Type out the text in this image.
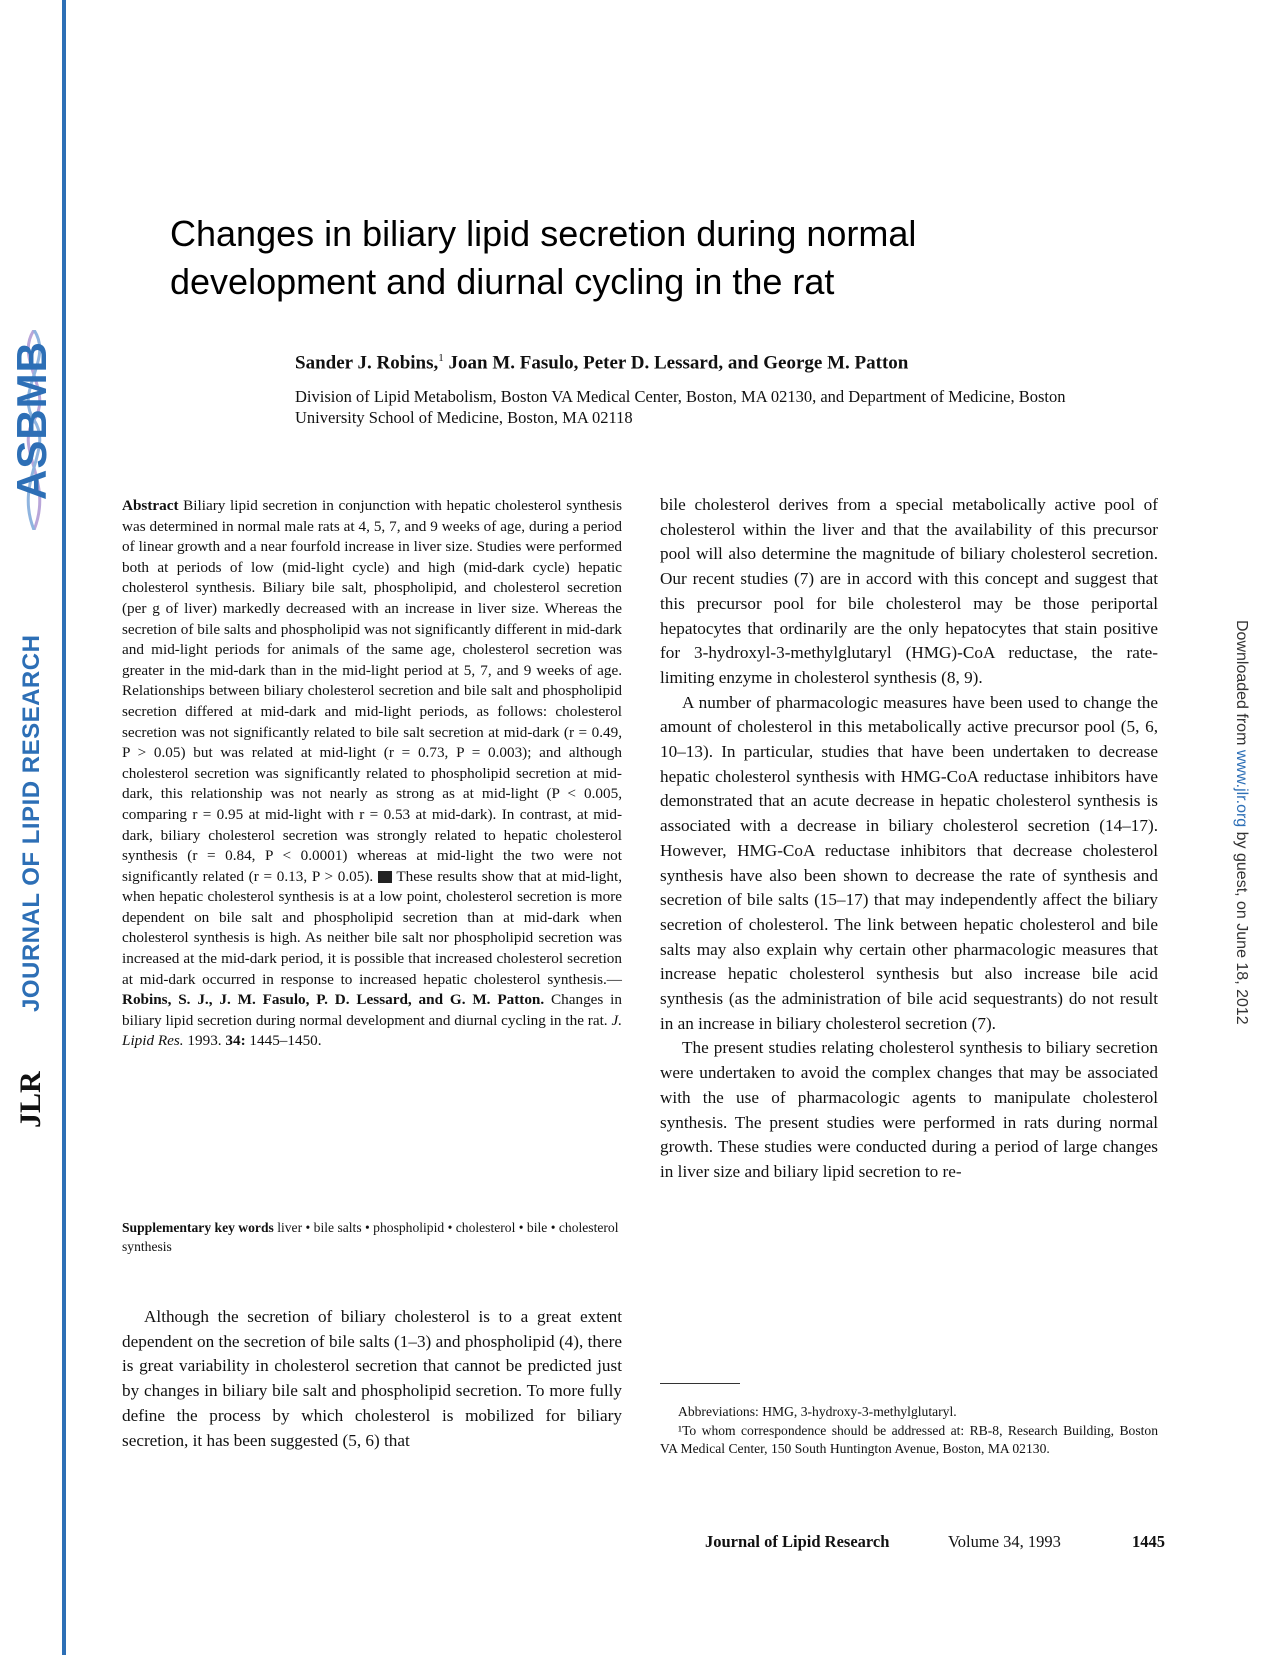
ASBMB
JOURNAL OF LIPID RESEARCH
JLR
Downloaded from www.jlr.org by guest, on June 18, 2012
Changes in biliary lipid secretion during normal
development and diurnal cycling in the rat
Sander J. Robins,$^1$ Joan M. Fasulo, Peter D. Lessard, and George M. Patton
Division of Lipid Metabolism, Boston VA Medical Center, Boston, MA 02130, and Department of Medicine, Boston University School of Medicine, Boston, MA 02118
Abstract Biliary lipid secretion in conjunction with hepatic cholesterol synthesis was determined in normal male rats at 4, 5, 7, and 9 weeks of age, during a period of linear growth and a near fourfold increase in liver size. Studies were performed both at periods of low (mid-light cycle) and high (mid-dark cycle) hepatic cholesterol synthesis. Biliary bile salt, phospholipid, and cholesterol secretion (per g of liver) markedly decreased with an increase in liver size. Whereas the secretion of bile salts and phospholipid was not significantly different in mid-dark and mid-light periods for animals of the same age, cholesterol secretion was greater in the mid-dark than in the mid-light period at 5, 7, and 9 weeks of age. Relationships between biliary cholesterol secretion and bile salt and phospholipid secretion differed at mid-dark and mid-light periods, as follows: cholesterol secretion was not significantly related to bile salt secretion at mid-dark (r = 0.49, P > 0.05) but was related at mid-light (r = 0.73, P = 0.003); and although cholesterol secretion was significantly related to phospholipid secretion at mid-dark, this relationship was not nearly as strong as at mid-light (P < 0.005, comparing r = 0.95 at mid-light with r = 0.53 at mid-dark). In contrast, at mid-dark, biliary cholesterol secretion was strongly related to hepatic cholesterol synthesis (r = 0.84, P < 0.0001) whereas at mid-light the two were not significantly related (r = 0.13, P > 0.05).  These results show that at mid-light, when hepatic cholesterol synthesis is at a low point, cholesterol secretion is more dependent on bile salt and phospholipid secretion than at mid-dark when cholesterol synthesis is high. As neither bile salt nor phospholipid secretion was increased at the mid-dark period, it is possible that increased cholesterol secretion at mid-dark occurred in response to increased hepatic cholesterol synthesis.—Robins, S. J., J. M. Fasulo, P. D. Lessard, and G. M. Patton. Changes in biliary lipid secretion during normal development and diurnal cycling in the rat. J. Lipid Res. 1993. 34: 1445–1450.
Supplementary key words liver • bile salts • phospholipid • cholesterol • bile • cholesterol synthesis
Although the secretion of biliary cholesterol is to a great extent dependent on the secretion of bile salts (1–3) and phospholipid (4), there is great variability in cholesterol secretion that cannot be predicted just by changes in biliary bile salt and phospholipid secretion. To more fully define the process by which cholesterol is mobilized for biliary secretion, it has been suggested (5, 6) that

bile cholesterol derives from a special metabolically active pool of cholesterol within the liver and that the availability of this precursor pool will also determine the magnitude of biliary cholesterol secretion. Our recent studies (7) are in accord with this concept and suggest that this precursor pool for bile cholesterol may be those periportal hepatocytes that ordinarily are the only hepatocytes that stain positive for 3-hydroxyl-3-methylglutaryl (HMG)-CoA reductase, the rate-limiting enzyme in cholesterol synthesis (8, 9).

A number of pharmacologic measures have been used to change the amount of cholesterol in this metabolically active precursor pool (5, 6, 10–13). In particular, studies that have been undertaken to decrease hepatic cholesterol synthesis with HMG-CoA reductase inhibitors have demonstrated that an acute decrease in hepatic cholesterol synthesis is associated with a decrease in biliary cholesterol secretion (14–17). However, HMG-CoA reductase inhibitors that decrease cholesterol synthesis have also been shown to decrease the rate of synthesis and secretion of bile salts (15–17) that may independently affect the biliary secretion of cholesterol. The link between hepatic cholesterol and bile salts may also explain why certain other pharmacologic measures that increase hepatic cholesterol synthesis but also increase bile acid synthesis (as the administration of bile acid sequestrants) do not result in an increase in biliary cholesterol secretion (7).

The present studies relating cholesterol synthesis to biliary secretion were undertaken to avoid the complex changes that may be associated with the use of pharmacologic agents to manipulate cholesterol synthesis. The present studies were performed in rats during normal growth. These studies were conducted during a period of large changes in liver size and biliary lipid secretion to re-

Abbreviations: HMG, 3-hydroxy-3-methylglutaryl.

¹To whom correspondence should be addressed at: RB-8, Research Building, Boston VA Medical Center, 150 South Huntington Avenue, Boston, MA 02130.

Journal of Lipid Research	Volume 34, 1993	1445
